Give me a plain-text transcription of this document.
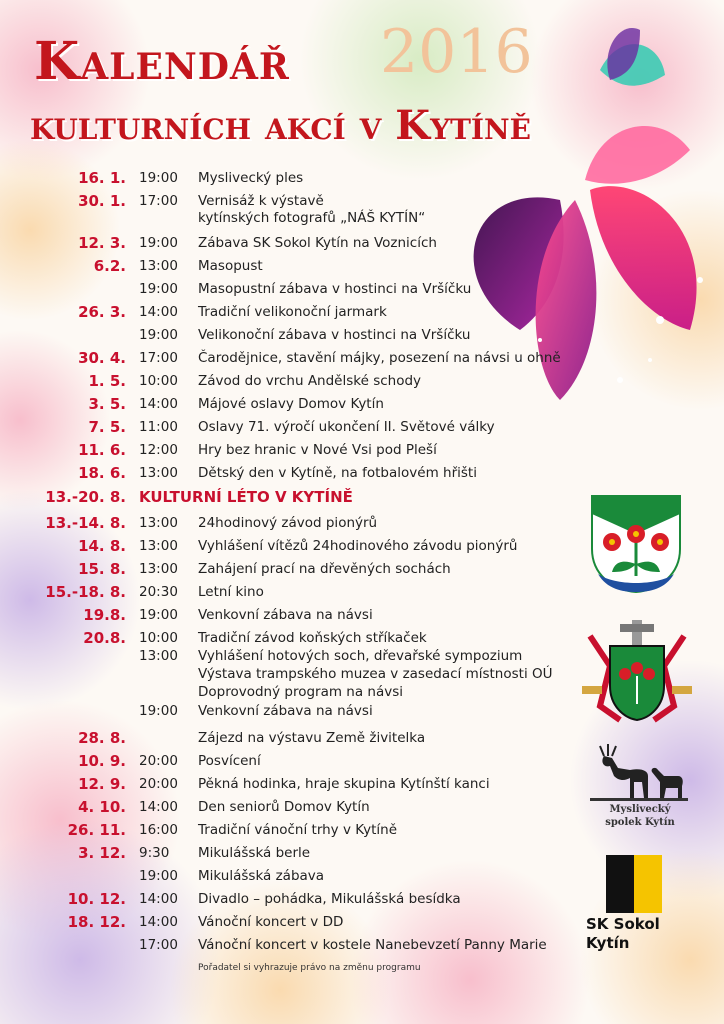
Kalendář 2016
kulturních akcí v Kytíně
16. 1. 19:00 Myslivecký ples
30. 1. 17:00 Vernisáž k výstavě
kytínských fotografů „NÁŠ KYTÍN“
12. 3. 19:00 Zábava SK Sokol Kytín na Voznicích
6.2. 13:00 Masopust
19:00 Masopustní zábava v hostinci na Vršíčku
26. 3. 14:00 Tradiční velikonoční jarmark
19:00 Velikonoční zábava v hostinci na Vršíčku
30. 4. 17:00 Čarodějnice, stavění májky, posezení na návsi u ohně
1. 5. 10:00 Závod do vrchu Andělské schody
3. 5. 14:00 Májové oslavy Domov Kytín
7. 5. 11:00 Oslavy 71. výročí ukončení II. Světové války
11. 6. 12:00 Hry bez hranic v Nové Vsi pod Pleší
18. 6. 13:00 Dětský den v Kytíně, na fotbalovém hřišti
13.-20. 8. KULTURNÍ LÉTO V KYTÍNĚ
13.-14. 8. 13:00 24hodinový závod pionýrů
14. 8. 13:00 Vyhlášení vítězů 24hodinového závodu pionýrů
15. 8. 13:00 Zahájení prací na dřevěných sochách
15.-18. 8. 20:30 Letní kino
19.8. 19:00 Venkovní zábava na návsi
20.8. 10:00 Tradiční závod koňských stříkaček
13:00 Vyhlášení hotových soch, dřevařské sympozium
Výstava trampského muzea v zasedací místnosti OÚ
Doprovodný program na návsi
19:00 Venkovní zábava na návsi
28. 8.	Zájezd na výstavu Země živitelka
10. 9. 20:00 Posvícení
12. 9. 20:00 Pěkná hodinka, hraje skupina Kytínští kanci
4. 10. 14:00 Den seniorů Domov Kytín
26. 11. 16:00 Tradiční vánoční trhy v Kytíně
3. 12. 9:30 Mikulášská berle
19:00 Mikulášská zábava
10. 12. 14:00 Divadlo – pohádka, Mikulášská besídka
18. 12. 14:00 Vánoční koncert v DD
17:00 Vánoční koncert v kostele Nanebevzetí Panny Marie
Pořadatel si vyhrazuje právo na změnu programu
Myslivecký
spolek Kytín
SK Sokol
Kytín
